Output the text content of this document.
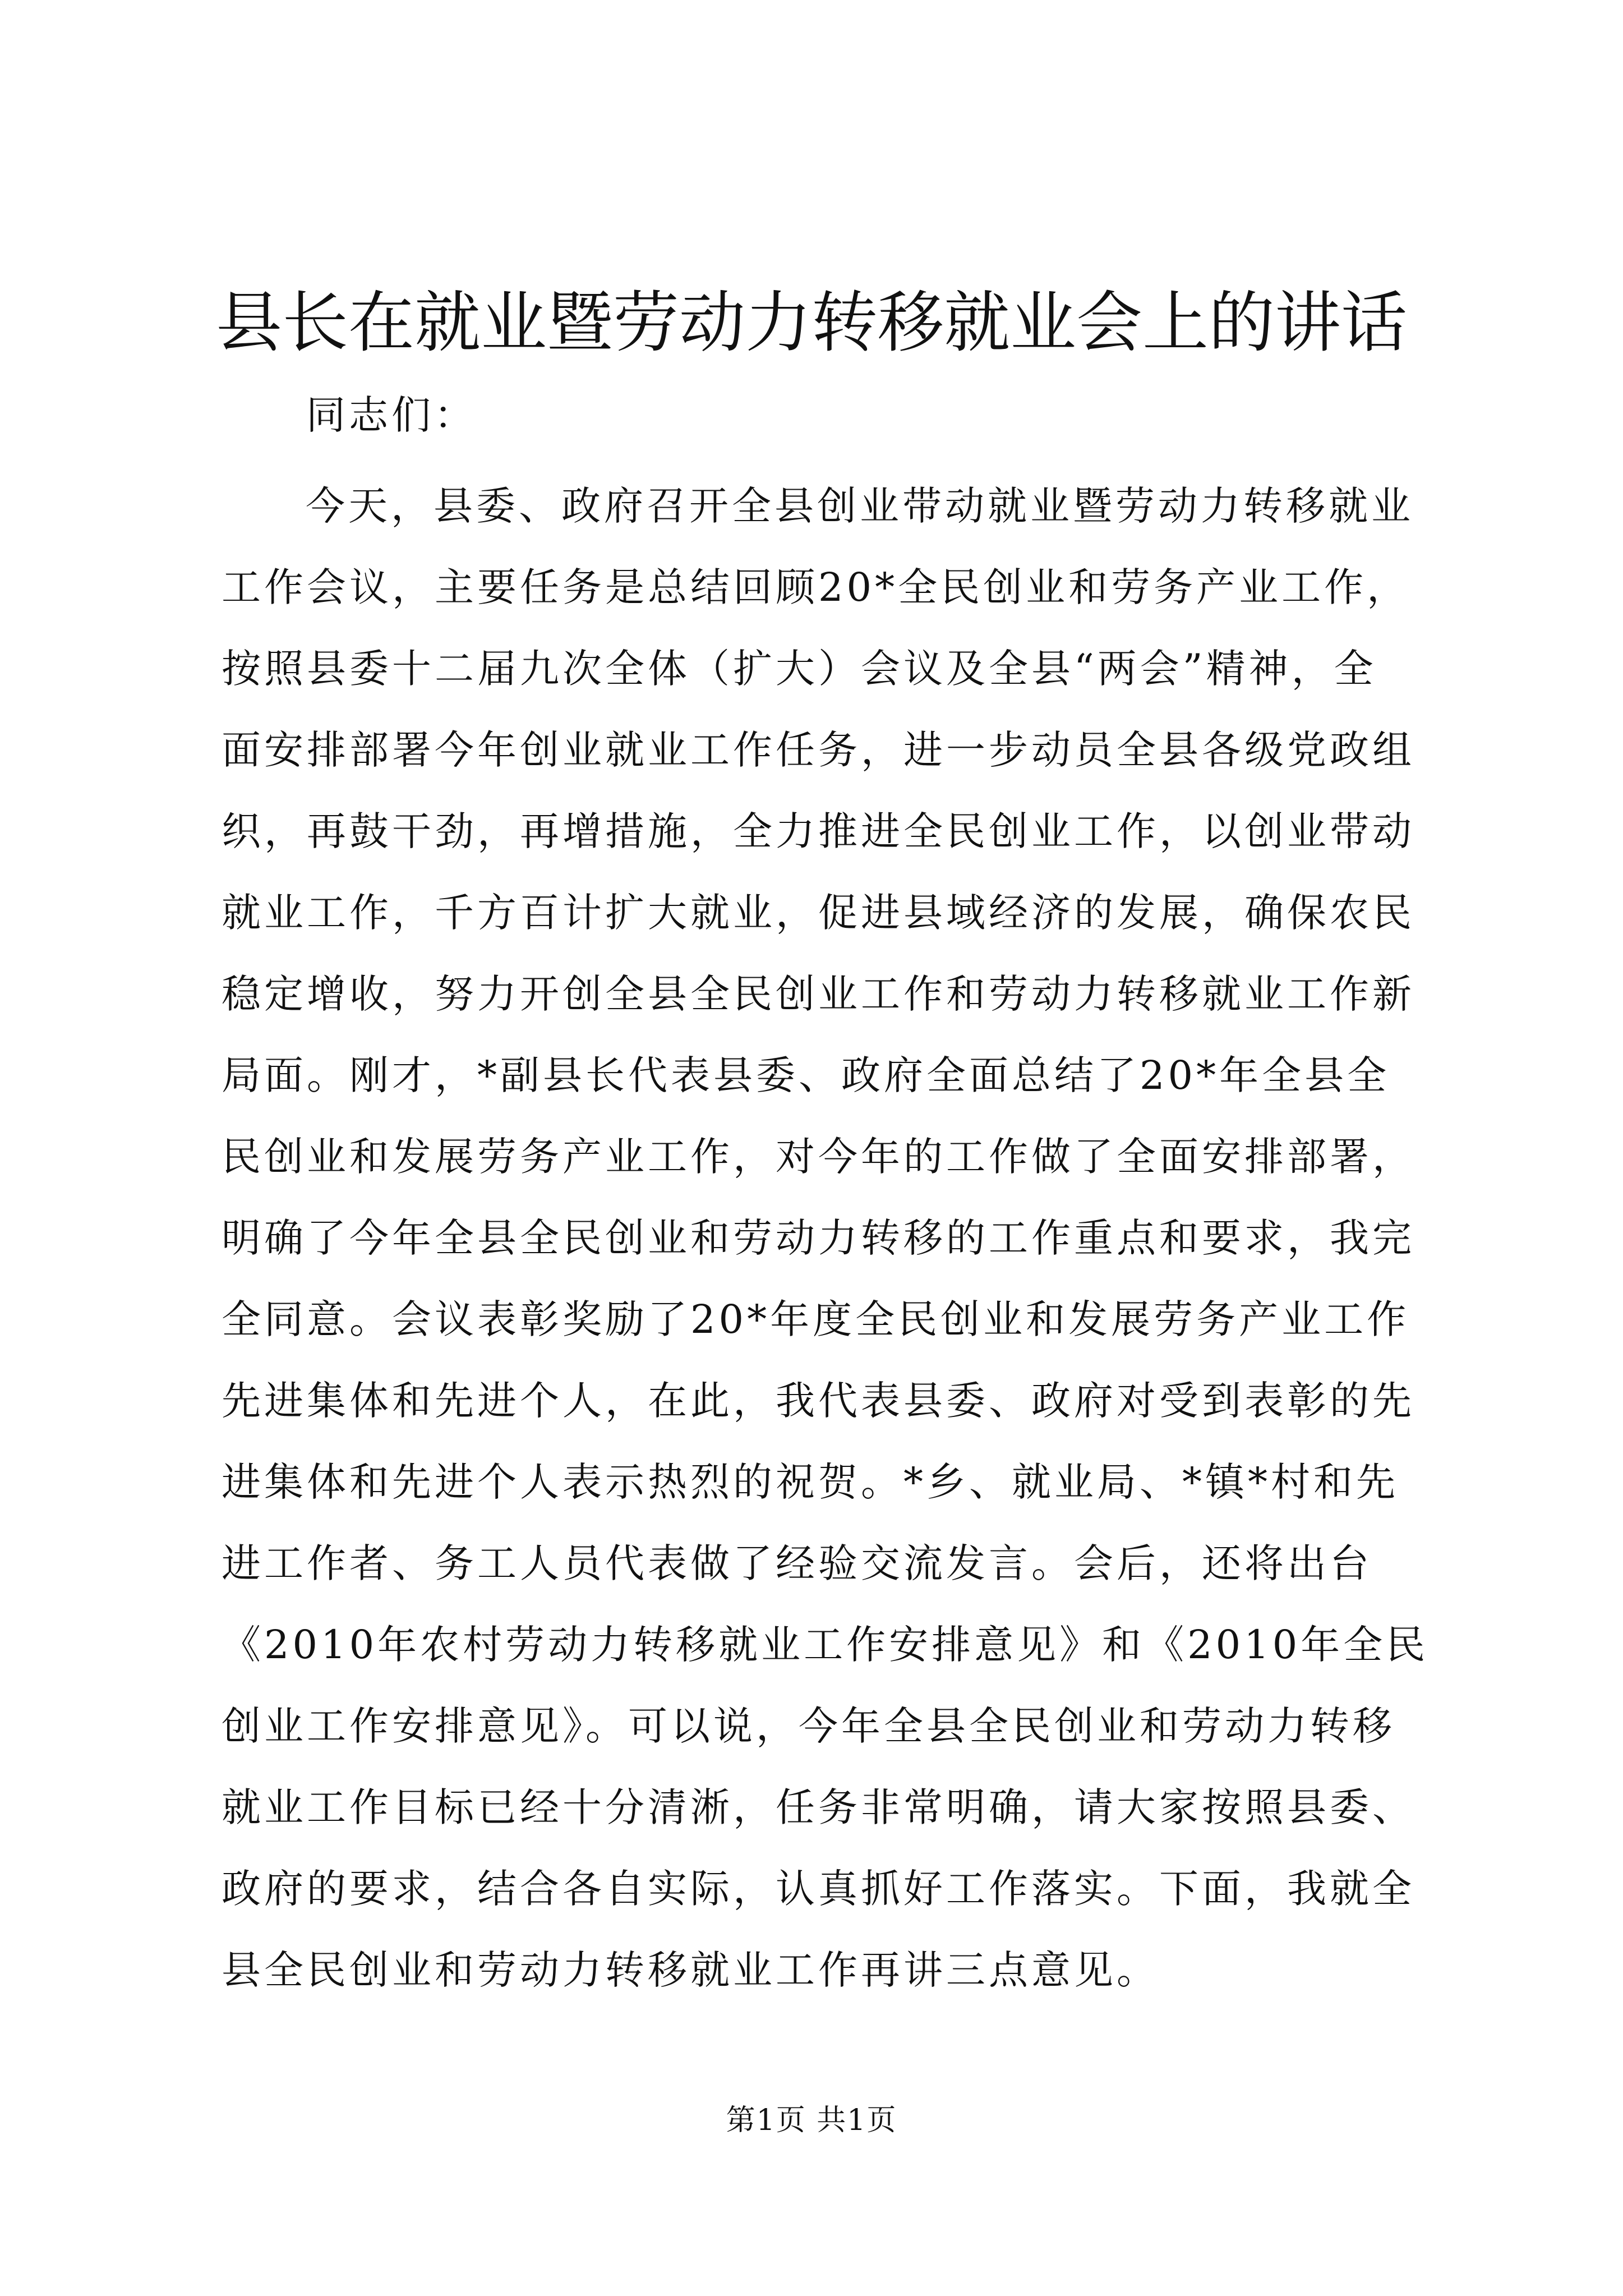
县长在就业暨劳动力转移就业会上的讲话
同志们：
今天，县委、政府召开全县创业带动就业暨劳动力转移就业
工作会议，主要任务是总结回顾20*全民创业和劳务产业工作，
按照县委十二届九次全体（扩大）会议及全县“两会”精神，全
面安排部署今年创业就业工作任务，进一步动员全县各级党政组
织，再鼓干劲，再增措施，全力推进全民创业工作，以创业带动
就业工作，千方百计扩大就业，促进县域经济的发展，确保农民
稳定增收，努力开创全县全民创业工作和劳动力转移就业工作新
局面。刚才，*副县长代表县委、政府全面总结了20*年全县全
民创业和发展劳务产业工作，对今年的工作做了全面安排部署，
明确了今年全县全民创业和劳动力转移的工作重点和要求，我完
全同意。会议表彰奖励了20*年度全民创业和发展劳务产业工作
先进集体和先进个人，在此，我代表县委、政府对受到表彰的先
进集体和先进个人表示热烈的祝贺。*乡、就业局、*镇*村和先
进工作者、务工人员代表做了经验交流发言。会后，还将出台
《2010年农村劳动力转移就业工作安排意见》和《2010年全民
创业工作安排意见》。可以说，今年全县全民创业和劳动力转移
就业工作目标已经十分清淅，任务非常明确，请大家按照县委、
政府的要求，结合各自实际，认真抓好工作落实。下面，我就全
县全民创业和劳动力转移就业工作再讲三点意见。
第1页 共1页
